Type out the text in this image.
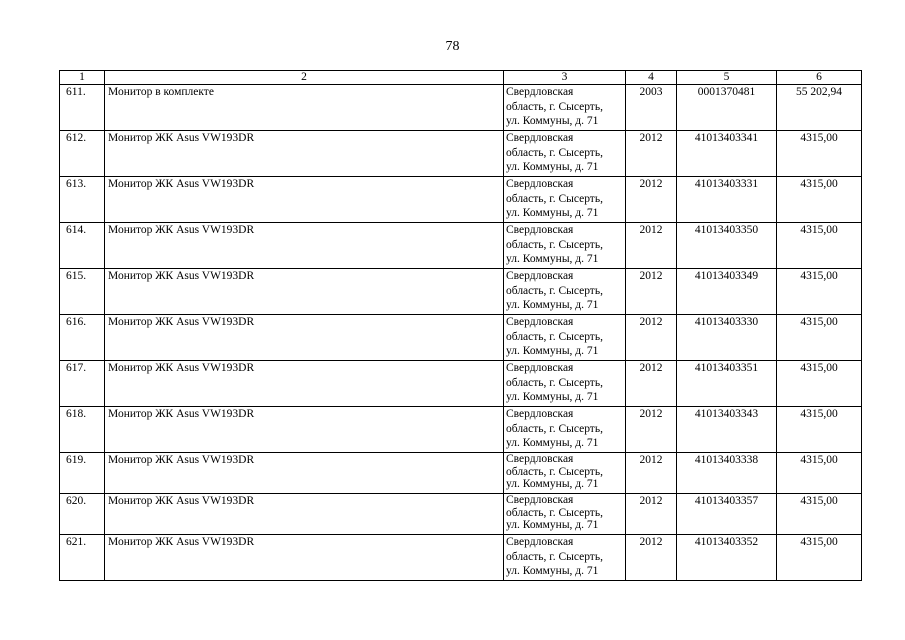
78
1	2	3	4	5	6
611.	Монитор в комплекте	Свердловская
область, г. Сысерть,
ул. Коммуны, д. 71	2003	0001370481	55 202,94
612.	Монитор ЖК Asus VW193DR	Свердловская
область, г. Сысерть,
ул. Коммуны, д. 71	2012	41013403341	4315,00
613.	Монитор ЖК Asus VW193DR	Свердловская
область, г. Сысерть,
ул. Коммуны, д. 71	2012	41013403331	4315,00
614.	Монитор ЖК Asus VW193DR	Свердловская
область, г. Сысерть,
ул. Коммуны, д. 71	2012	41013403350	4315,00
615.	Монитор ЖК Asus VW193DR	Свердловская
область, г. Сысерть,
ул. Коммуны, д. 71	2012	41013403349	4315,00
616.	Монитор ЖК Asus VW193DR	Свердловская
область, г. Сысерть,
ул. Коммуны, д. 71	2012	41013403330	4315,00
617.	Монитор ЖК Asus VW193DR	Свердловская
область, г. Сысерть,
ул. Коммуны, д. 71	2012	41013403351	4315,00
618.	Монитор ЖК Asus VW193DR	Свердловская
область, г. Сысерть,
ул. Коммуны, д. 71	2012	41013403343	4315,00
619.	Монитор ЖК Asus VW193DR	Свердловская
область, г. Сысерть,
ул. Коммуны, д. 71	2012	41013403338	4315,00
620.	Монитор ЖК Asus VW193DR	Свердловская
область, г. Сысерть,
ул. Коммуны, д. 71	2012	41013403357	4315,00
621.	Монитор ЖК Asus VW193DR	Свердловская
область, г. Сысерть,
ул. Коммуны, д. 71	2012	41013403352	4315,00
